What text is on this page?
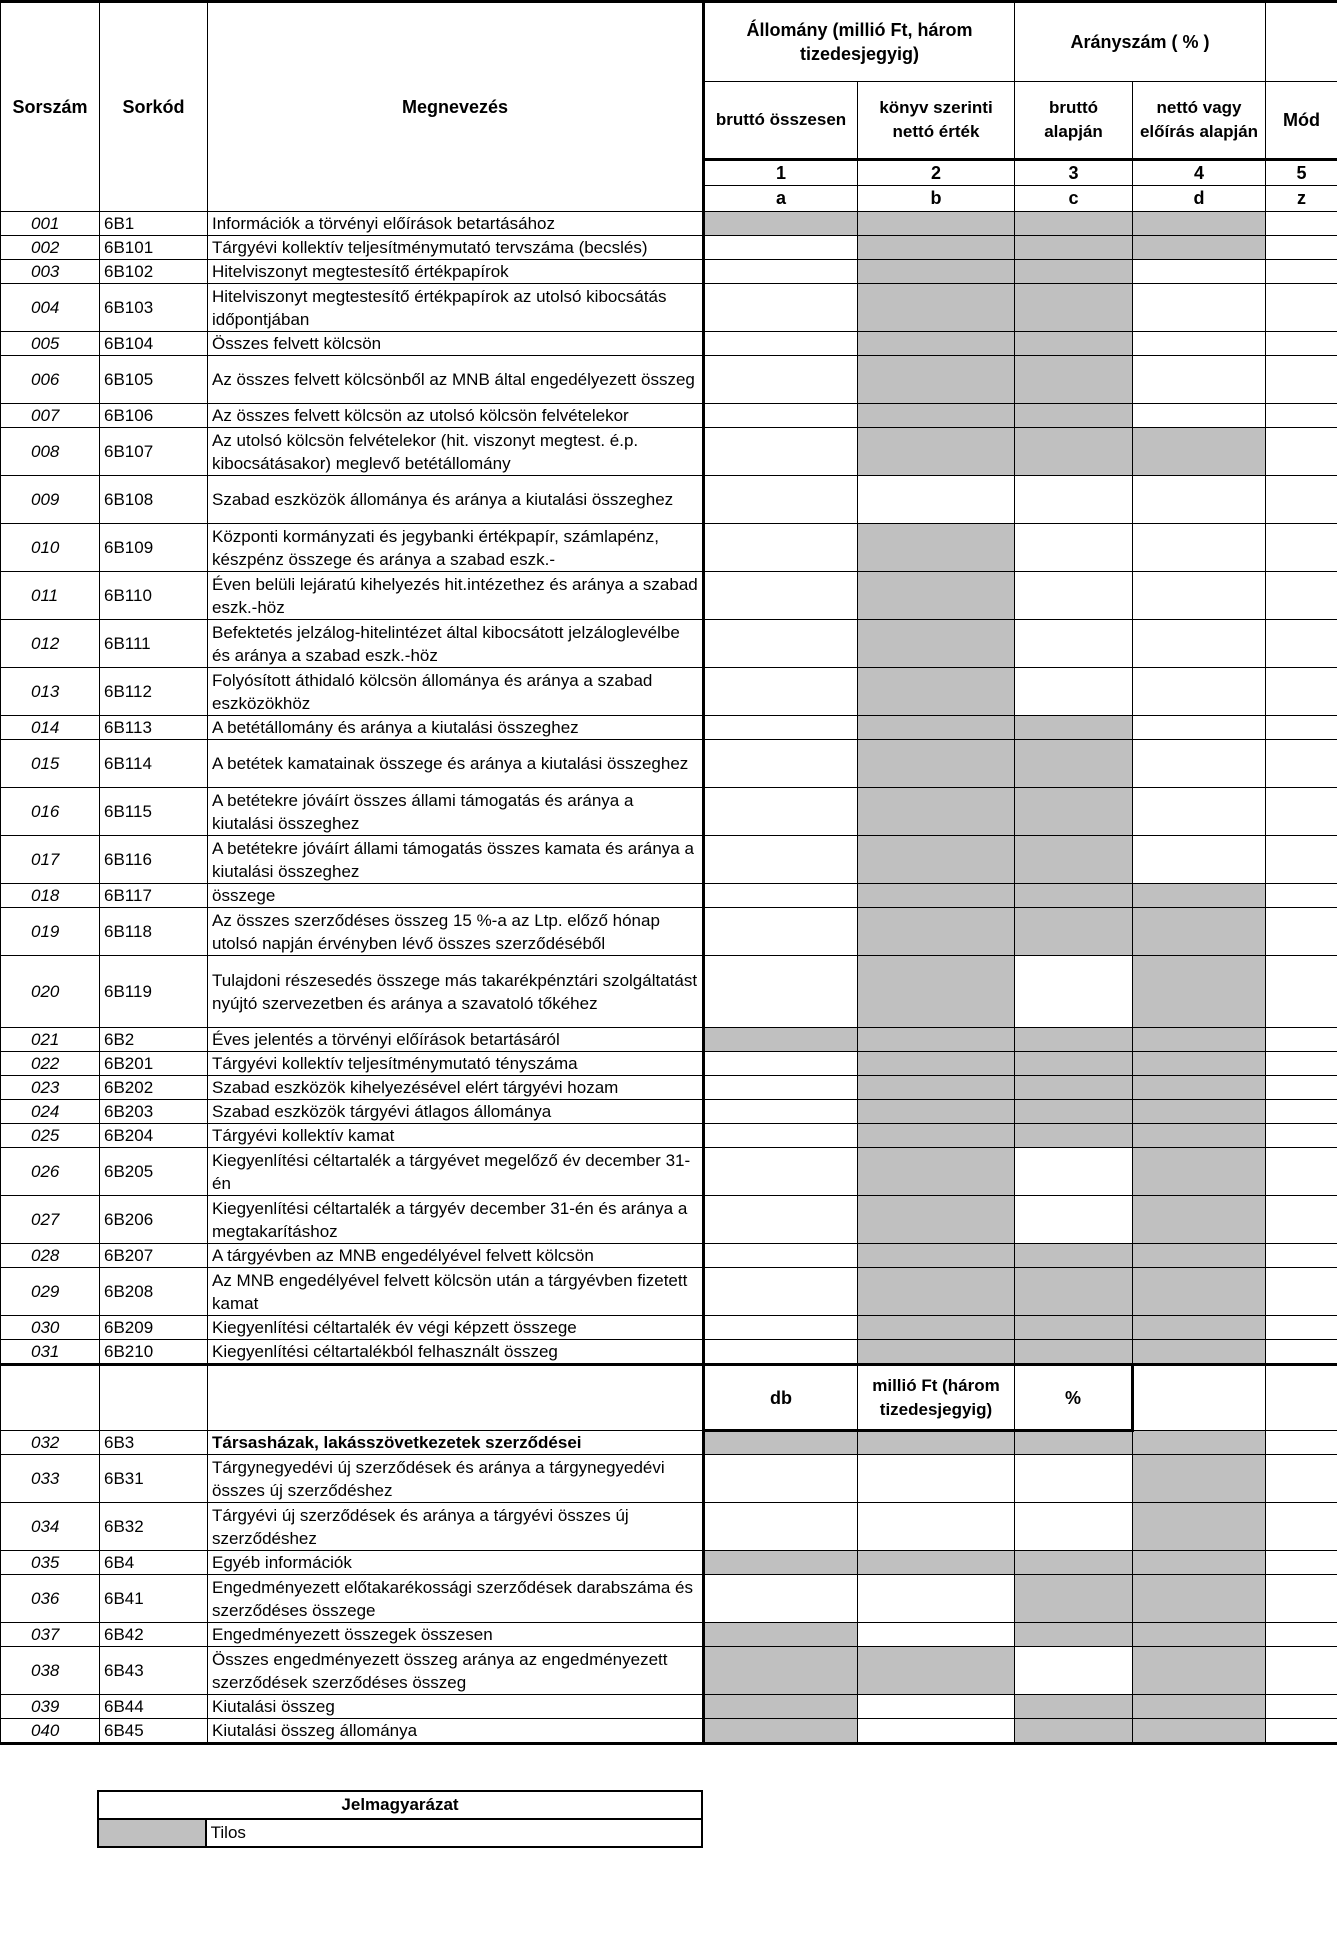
Sorszám	Sorkód	Megnevezés	Állomány (millió Ft, három tizedesjegyig)		Arányszám ( % )		
			bruttó összesen	könyv szerinti nettó érték	bruttó alapján	nettó vagy előírás alapján	Mód
			1	2	3	4	5
			a	b	c	d	z
001	6B1	Információk a törvényi előírások betartásához					
002	6B101	Tárgyévi kollektív teljesítménymutató tervszáma (becslés)					
003	6B102	Hitelviszonyt megtestesítő értékpapírok					
004	6B103	Hitelviszonyt megtestesítő értékpapírok az utolsó kibocsátás időpontjában					
005	6B104	Összes felvett kölcsön					
006	6B105	Az összes felvett kölcsönből az MNB által engedélyezett összeg					
007	6B106	Az összes felvett kölcsön az utolsó kölcsön felvételekor					
008	6B107	Az utolsó kölcsön felvételekor (hit. viszonyt megtest. é.p. kibocsátásakor) meglevő betétállomány					
009	6B108	Szabad eszközök állománya és aránya a kiutalási összeghez					
010	6B109	Központi kormányzati és jegybanki értékpapír, számlapénz, készpénz összege és aránya a szabad eszk.-					
011	6B110	Éven belüli lejáratú kihelyezés hit.intézethez és aránya a szabad eszk.-höz					
012	6B111	Befektetés jelzálog-hitelintézet által kibocsátott jelzáloglevélbe és aránya a szabad eszk.-höz					
013	6B112	Folyósított áthidaló kölcsön állománya és aránya a szabad eszközökhöz					
014	6B113	A betétállomány és aránya a kiutalási összeghez					
015	6B114	A betétek kamatainak összege és aránya a kiutalási összeghez					
016	6B115	A betétekre jóváírt összes állami támogatás és aránya a kiutalási összeghez					
017	6B116	A betétekre jóváírt állami támogatás összes kamata és aránya a kiutalási összeghez					
018	6B117	összege					
019	6B118	Az összes szerződéses összeg 15 %-a az Ltp. előző hónap utolsó napján érvényben lévő összes szerződéséből					
020	6B119	Tulajdoni részesedés összege más takarékpénztári szolgáltatást nyújtó szervezetben és aránya a szavatoló tőkéhez					
021	6B2	Éves jelentés a törvényi előírások betartásáról					
022	6B201	Tárgyévi kollektív teljesítménymutató tényszáma					
023	6B202	Szabad eszközök kihelyezésével elért tárgyévi hozam					
024	6B203	Szabad eszközök tárgyévi átlagos állománya					
025	6B204	Tárgyévi kollektív kamat					
026	6B205	Kiegyenlítési céltartalék a tárgyévet megelőző év december 31-én					
027	6B206	Kiegyenlítési céltartalék a tárgyév december 31-én és aránya a megtakarításhoz					
028	6B207	A tárgyévben az MNB engedélyével felvett kölcsön					
029	6B208	Az MNB engedélyével felvett kölcsön után a tárgyévben fizetett kamat					
030	6B209	Kiegyenlítési céltartalék év végi képzett összege					
031	6B210	Kiegyenlítési céltartalékból felhasznált összeg					
			db	millió Ft (három tizedesjegyig)	%		
032	6B3	Társasházak, lakásszövetkezetek szerződései					
033	6B31	Tárgynegyedévi új szerződések és aránya a tárgynegyedévi összes új szerződéshez					
034	6B32	Tárgyévi új szerződések és aránya a tárgyévi összes új szerződéshez					
035	6B4	Egyéb információk					
036	6B41	Engedményezett előtakarékossági szerződések darabszáma és szerződéses összege					
037	6B42	Engedményezett összegek összesen					
038	6B43	Összes engedményezett összeg aránya az engedményezett szerződések szerződéses összeg					
039	6B44	Kiutalási összeg					
040	6B45	Kiutalási összeg állománya					
Jelmagyarázat
	Tilos
